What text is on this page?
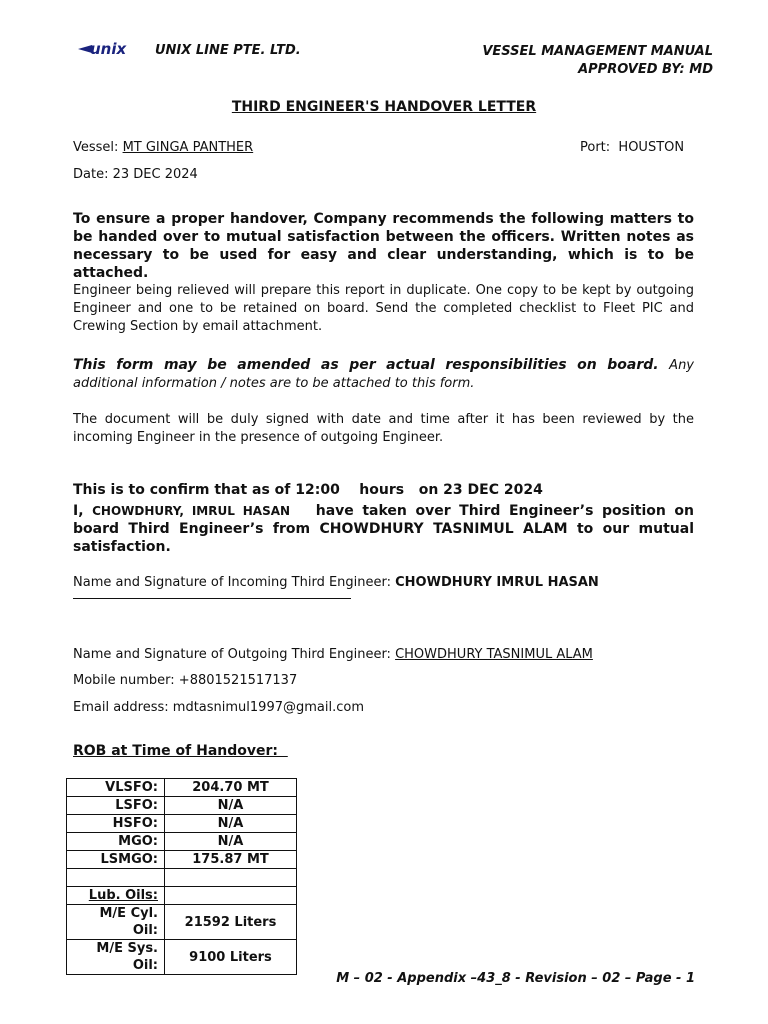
unix UNIX LINE PTE. LTD.	VESSEL MANAGEMENT MANUAL
APPROVED BY: MD
THIRD ENGINEER'S HANDOVER LETTER
Vessel: MT GINGA PANTHER	Port:  HOUSTON
Date: 23 DEC 2024
To ensure a proper handover, Company recommends the following matters to be handed over to mutual satisfaction between the officers. Written notes as necessary to be used for easy and clear understanding, which is to be attached.
Engineer being relieved will prepare this report in duplicate. One copy to be kept by outgoing Engineer and one to be retained on board. Send the completed checklist to Fleet PIC and Crewing Section by email attachment.
This form may be amended as per actual responsibilities on board. Any additional information / notes are to be attached to this form.
The document will be duly signed with date and time after it has been reviewed by the incoming Engineer in the presence of outgoing Engineer.
This is to confirm that as of 12:00    hours   on 23 DEC 2024
I, CHOWDHURY, IMRUL HASAN   have taken over Third Engineer’s position on board Third Engineer’s from CHOWDHURY TASNIMUL ALAM to our mutual satisfaction.
Name and Signature of Incoming Third Engineer: CHOWDHURY IMRUL HASAN
Name and Signature of Outgoing Third Engineer: CHOWDHURY TASNIMUL ALAM
Mobile number: +8801521517137
Email address: mdtasnimul1997@gmail.com
ROB at Time of Handover:
VLSFO:	204.70 MT
LSFO:	N/A
HSFO:	N/A
MGO:	N/A
LSMGO:	175.87 MT

Lub. Oils:	
M/E Cyl. Oil:	21592 Liters
M/E Sys. Oil:	9100 Liters
M – 02 - Appendix –43_8 - Revision – 02 – Page - 1
